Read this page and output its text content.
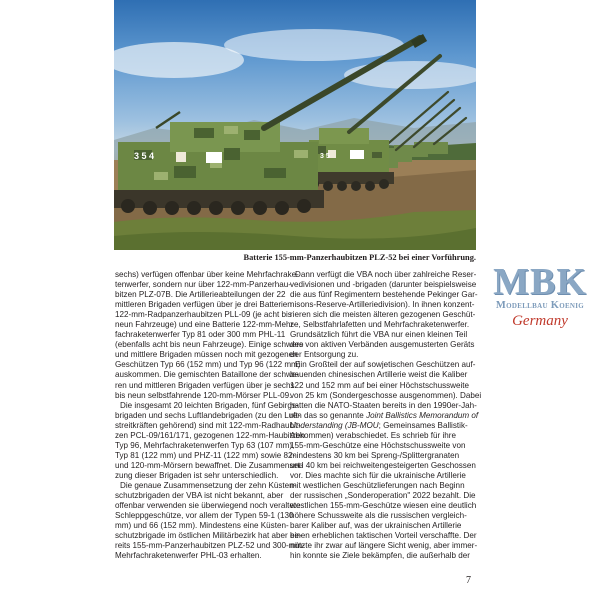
3 5 4	3 5
Batterie 155-mm-Panzerhaubitzen PLZ-52 bei einer Vorführung.
sechs) verfügen offenbar über keine Mehrfachrake-
tenwerfer, sondern nur über 122-mm-Panzerhau-
bitzen PLZ-07B. Die Artillerieabteilungen der 22
mittleren Brigaden verfügen über je drei Batterien
122-mm-Radpanzerhaubitzen PLL-09 (je acht bis
neun Fahrzeuge) und eine Batterie 122-mm-Mehr-
fachraketenwerfer Typ 81 oder 300 mm PHL-11
(ebenfalls acht bis neun Fahrzeuge). Einige schwere
und mittlere Brigaden müssen noch mit gezogenen
Geschützen Typ 66 (152 mm) und Typ 96 (122 mm)
auskommen. Die gemischten Bataillone der schwe-
ren und mittleren Brigaden verfügen über je sechs
bis neun selbstfahrende 120-mm-Mörser PLL-09.
Die insgesamt 20 leichten Brigaden, fünf Gebirgs-
brigaden und sechs Luftlandebrigaden (zu den Luft-
streitkräften gehörend) sind mit 122-mm-Radhaubit-
zen PCL-09/161/171, gezogenen 122-mm-Haubitzen
Typ 96, Mehrfachraketenwerfen Typ 63 (107 mm),
Typ 81 (122 mm) und PHZ-11 (122 mm) sowie 82-
und 120-mm-Mörsern bewaffnet. Die Zusammenset-
zung dieser Brigaden ist sehr unterschiedlich.
Die genaue Zusammensetzung der zehn Küsten-
schutzbrigaden der VBA ist nicht bekannt, aber
offenbar verwenden sie überwiegend noch veraltete
Schleppgeschütze, vor allem der Typen 59-1 (130
mm) und 66 (152 mm). Mindestens eine Küsten-
schutzbrigade im östlichen Militärbezirk hat aber be-
reits 155-mm-Panzerhaubitzen PLZ-52 und 300-mm-
Mehrfachraketenwerfer PHL-03 erhalten.
Dann verfügt die VBA noch über zahlreiche Reser-
vedivisionen und -brigaden (darunter beispielsweise
die aus fünf Regimentern bestehende Pekinger Gar-
nisons-Reserve-Artilleriedivision). In ihnen konzent-
rieren sich die meisten älteren gezogenen Geschüt-
ze, Selbstfahrlafetten und Mehrfachraketenwerfer.
Grundsätzlich führt die VBA nur einen kleinen Teil
des von aktiven Verbänden ausgemusterten Geräts
der Entsorgung zu.
Ein Großteil der auf sowjetischen Geschützen auf-
bauenden chinesischen Artillerie weist die Kaliber
122 und 152 mm auf bei einer Höchstschussweite
von 25 km (Sondergeschosse ausgenommen). Dabei
hatten die NATO-Staaten bereits in den 1990er-Jah-
ren das so genannte Joint Ballistics Memorandum of
Understanding (JB-MOU; Gemeinsames Ballistik-
Abkommen) verabschiedet. Es schrieb für ihre
155-mm-Geschütze eine Höchstschussweite von
mindestens 30 km bei Spreng-/Splittergranaten
und 40 km bei reichweitengesteigerten Geschossen
vor. Dies machte sich für die ukrainische Artillerie
mit westlichen Geschützlieferungen nach Beginn
der russischen „Sonderoperation" 2022 bezahlt. Die
westlichen 155-mm-Geschütze wiesen eine deutlich
höhere Schussweite als die russischen vergleich-
barer Kaliber auf, was der ukrainischen Artillerie
einen erheblichen taktischen Vorteil verschaffte. Der
nützte ihr zwar auf längere Sicht wenig, aber immer-
hin konnte sie Ziele bekämpfen, die außerhalb der
MBK
Modellbau Koenig
Germany
7
